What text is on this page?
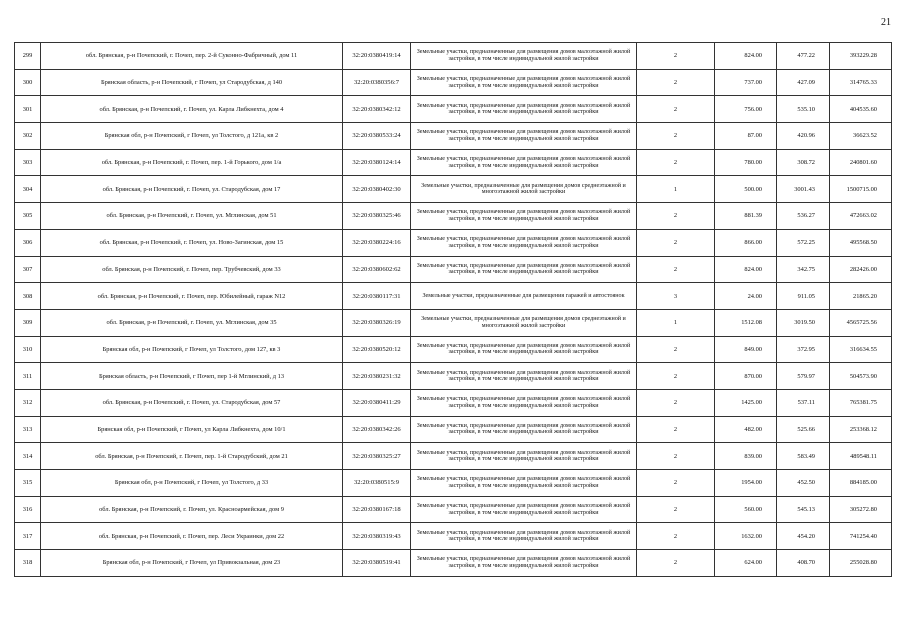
21
299	обл. Брянская, р-н Почепский, г. Почеп, пер. 2-й Суконно-Фабричный, дом 11	32:20:0380419:14	Земельные участки, предназначенные для размещения домов малоэтажной жилой застройки, в том числе индивидуальной жилой застройки	2	824.00	477.22	393229.28
300	Брянская область, р-н Почепский, г Почеп, ул Стародубская, д 140	32:20:0380356:7	Земельные участки, предназначенные для размещения домов малоэтажной жилой застройки, в том числе индивидуальной жилой застройки	2	737.00	427.09	314765.33
301	обл. Брянская, р-н Почепский, г. Почеп, ул. Карла Либкнехта, дом 4	32:20:0380342:12	Земельные участки, предназначенные для размещения домов малоэтажной жилой застройки, в том числе индивидуальной жилой застройки	2	756.00	535.10	404535.60
302	Брянская обл, р-н Почепский, г Почеп, ул Толстого, д 121а, кв 2	32:20:0380533:24	Земельные участки, предназначенные для размещения домов малоэтажной жилой застройки, в том числе индивидуальной жилой застройки	2	87.00	420.96	36623.52
303	обл. Брянская, р-н Почепский, г. Почеп, пер. 1-й Горького, дом 1/а	32:20:0380124:14	Земельные участки, предназначенные для размещения домов малоэтажной жилой застройки, в том числе индивидуальной жилой застройки	2	780.00	308.72	240801.60
304	обл. Брянская, р-н Почепский, г. Почеп, ул. Стародубская, дом 17	32:20:0380402:30	Земельные участки, предназначенные для размещения домов среднеэтажной и многоэтажной жилой застройки	1	500.00	3001.43	1500715.00
305	обл. Брянская, р-н Почепский, г. Почеп, ул. Мглинская, дом 51	32:20:0380325:46	Земельные участки, предназначенные для размещения домов малоэтажной жилой застройки, в том числе индивидуальной жилой застройки	2	881.39	536.27	472663.02
306	обл. Брянская, р-н Почепский, г. Почеп, ул. Ново-Загинская, дом 15	32:20:0380224:16	Земельные участки, предназначенные для размещения домов малоэтажной жилой застройки, в том числе индивидуальной жилой застройки	2	866.00	572.25	495568.50
307	обл. Брянская, р-н Почепский, г. Почеп, пер. Трубчевский, дом 33	32:20:0380602:62	Земельные участки, предназначенные для размещения домов малоэтажной жилой застройки, в том числе индивидуальной жилой застройки	2	824.00	342.75	282426.00
308	обл. Брянская, р-н Почепский, г. Почеп, пер. Юбилейный, гараж N12	32:20:0380117:31	Земельные участки, предназначенные для размещения гаражей и автостоянок	3	24.00	911.05	21865.20
309	обл. Брянская, р-н Почепский, г. Почеп, ул. Мглинская, дом 35	32:20:0380326:19	Земельные участки, предназначенные для размещения домов среднеэтажной и многоэтажной жилой застройки	1	1512.08	3019.50	4565725.56
310	Брянская обл, р-н Почепский, г Почеп, ул Толстого, дом 127, кв 3	32:20:0380520:12	Земельные участки, предназначенные для размещения домов малоэтажной жилой застройки, в том числе индивидуальной жилой застройки	2	849.00	372.95	316634.55
311	Брянская область, р-н Почепский, г Почеп, пер 1-й Мглинский, д 13	32:20:0380231:32	Земельные участки, предназначенные для размещения домов малоэтажной жилой застройки, в том числе индивидуальной жилой застройки	2	870.00	579.97	504573.90
312	обл. Брянская, р-н Почепский, г. Почеп, ул. Стародубская, дом 57	32:20:0380411:29	Земельные участки, предназначенные для размещения домов малоэтажной жилой застройки, в том числе индивидуальной жилой застройки	2	1425.00	537.11	765381.75
313	Брянская обл, р-н Почепский, г Почеп, ул Карла Либкнехта, дом 10/1	32:20:0380342:26	Земельные участки, предназначенные для размещения домов малоэтажной жилой застройки, в том числе индивидуальной жилой застройки	2	482.00	525.66	253368.12
314	обл. Брянская, р-н Почепский, г. Почеп, пер. 1-й Стародубский, дом 21	32:20:0380325:27	Земельные участки, предназначенные для размещения домов малоэтажной жилой застройки, в том числе индивидуальной жилой застройки	2	839.00	583.49	489548.11
315	Брянская обл, р-н Почепский, г Почеп, ул Толстого, д 33	32:20:0380515:9	Земельные участки, предназначенные для размещения домов малоэтажной жилой застройки, в том числе индивидуальной жилой застройки	2	1954.00	452.50	884185.00
316	обл. Брянская, р-н Почепский, г. Почеп, ул. Красноармейская, дом 9	32:20:0380167:18	Земельные участки, предназначенные для размещения домов малоэтажной жилой застройки, в том числе индивидуальной жилой застройки	2	560.00	545.13	305272.80
317	обл. Брянская, р-н Почепский, г. Почеп, пер. Леси Украинки, дом 22	32:20:0380319:43	Земельные участки, предназначенные для размещения домов малоэтажной жилой застройки, в том числе индивидуальной жилой застройки	2	1632.00	454.20	741254.40
318	Брянская обл, р-н Почепский, г Почеп, ул Привокзальная, дом 23	32:20:0380519:41	Земельные участки, предназначенные для размещения домов малоэтажной жилой застройки, в том числе индивидуальной жилой застройки	2	624.00	408.70	255028.80
